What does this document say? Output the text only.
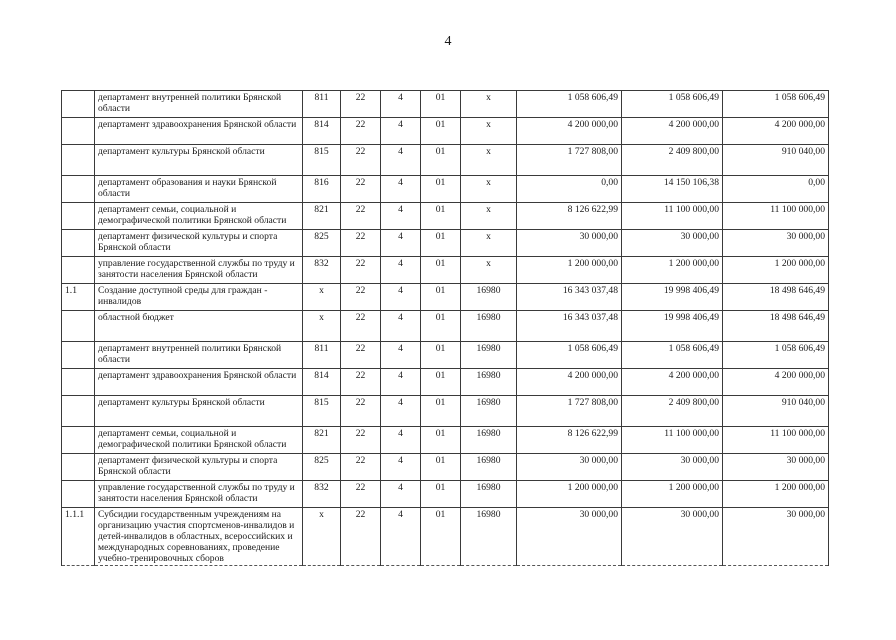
4
	департамент внутренней политики Брянской области	811	22	4	01	x	1 058 606,49	1 058 606,49	1 058 606,49
	департамент здравоохранения Брянской области	814	22	4	01	x	4 200 000,00	4 200 000,00	4 200 000,00
	департамент культуры Брянской области	815	22	4	01	x	1 727 808,00	2 409 800,00	910 040,00
	департамент образования и науки Брянской области	816	22	4	01	x	0,00	14 150 106,38	0,00
	департамент семьи, социальной и демографической политики Брянской области	821	22	4	01	x	8 126 622,99	11 100 000,00	11 100 000,00
	департамент физической культуры и спорта Брянской области	825	22	4	01	x	30 000,00	30 000,00	30 000,00
	управление государственной службы по труду и занятости населения Брянской области	832	22	4	01	x	1 200 000,00	1 200 000,00	1 200 000,00
1.1	Создание доступной среды для граждан - инвалидов	x	22	4	01	16980	16 343 037,48	19 998 406,49	18 498 646,49
	областной бюджет	x	22	4	01	16980	16 343 037,48	19 998 406,49	18 498 646,49
	департамент внутренней политики Брянской области	811	22	4	01	16980	1 058 606,49	1 058 606,49	1 058 606,49
	департамент здравоохранения Брянской области	814	22	4	01	16980	4 200 000,00	4 200 000,00	4 200 000,00
	департамент культуры Брянской области	815	22	4	01	16980	1 727 808,00	2 409 800,00	910 040,00
	департамент семьи, социальной и демографической политики Брянской области	821	22	4	01	16980	8 126 622,99	11 100 000,00	11 100 000,00
	департамент физической культуры и спорта Брянской области	825	22	4	01	16980	30 000,00	30 000,00	30 000,00
	управление государственной службы по труду и занятости населения Брянской области	832	22	4	01	16980	1 200 000,00	1 200 000,00	1 200 000,00
1.1.1	Субсидии государственным учреждениям на организацию участия спортсменов-инвалидов и детей-инвалидов в областных, всероссийских и международных соревнованиях, проведение учебно-тренировочных сборов	x	22	4	01	16980	30 000,00	30 000,00	30 000,00
